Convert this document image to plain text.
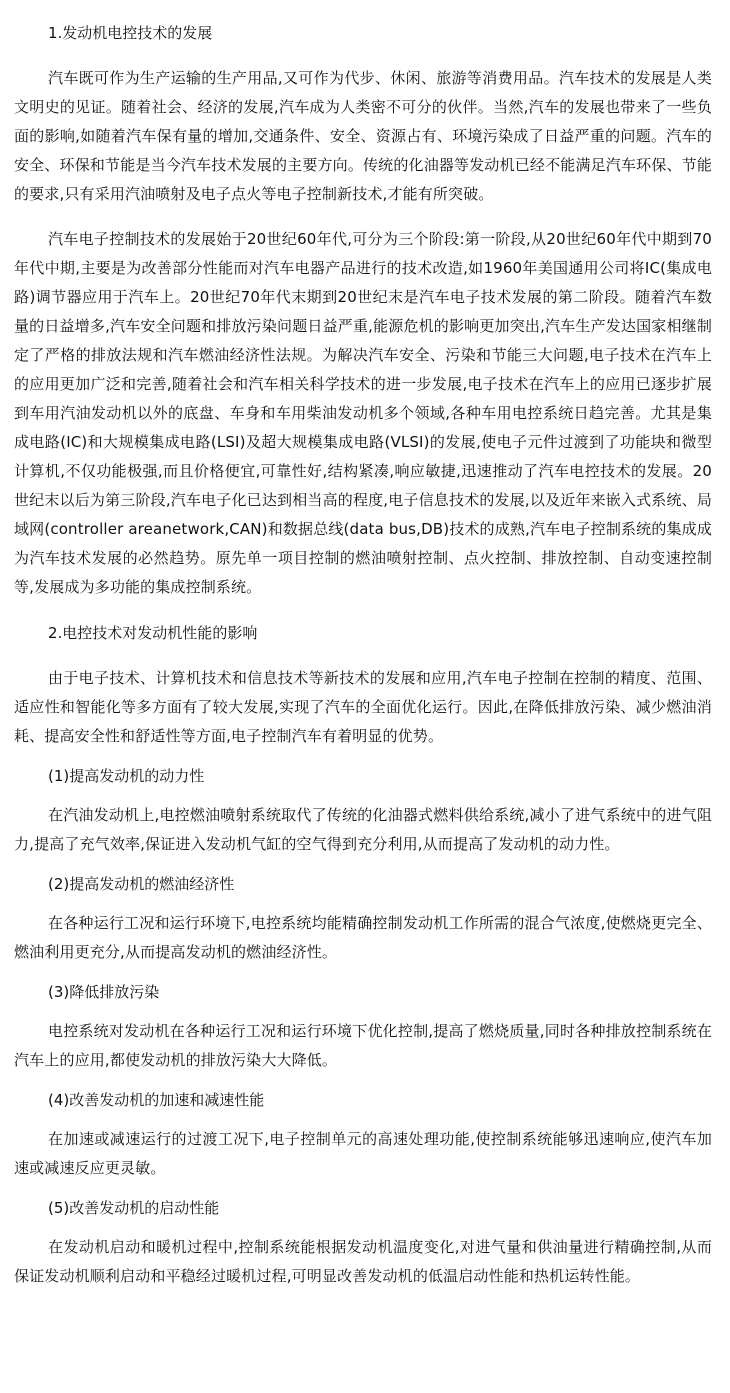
1.发动机电控技术的发展

汽车既可作为生产运输的生产用品,又可作为代步、休闲、旅游等消费用品。汽车技术的发展是人类文明史的见证。随着社会、经济的发展,汽车成为人类密不可分的伙伴。当然,汽车的发展也带来了一些负面的影响,如随着汽车保有量的增加,交通条件、安全、资源占有、环境污染成了日益严重的问题。汽车的安全、环保和节能是当今汽车技术发展的主要方向。传统的化油器等发动机已经不能满足汽车环保、节能的要求,只有采用汽油喷射及电子点火等电子控制新技术,才能有所突破。

汽车电子控制技术的发展始于20世纪60年代,可分为三个阶段:第一阶段,从20世纪60年代中期到70年代中期,主要是为改善部分性能而对汽车电器产品进行的技术改造,如1960年美国通用公司将IC(集成电路)调节器应用于汽车上。20世纪70年代末期到20世纪末是汽车电子技术发展的第二阶段。随着汽车数量的日益增多,汽车安全问题和排放污染问题日益严重,能源危机的影响更加突出,汽车生产发达国家相继制定了严格的排放法规和汽车燃油经济性法规。为解决汽车安全、污染和节能三大问题,电子技术在汽车上的应用更加广泛和完善,随着社会和汽车相关科学技术的进一步发展,电子技术在汽车上的应用已逐步扩展到车用汽油发动机以外的底盘、车身和车用柴油发动机多个领域,各种车用电控系统日趋完善。尤其是集成电路(IC)和大规模集成电路(LSI)及超大规模集成电路(VLSI)的发展,使电子元件过渡到了功能块和微型计算机,不仅功能极强,而且价格便宜,可靠性好,结构紧凑,响应敏捷,迅速推动了汽车电控技术的发展。20世纪末以后为第三阶段,汽车电子化已达到相当高的程度,电子信息技术的发展,以及近年来嵌入式系统、局域网(controller areanetwork,CAN)和数据总线(data bus,DB)技术的成熟,汽车电子控制系统的集成成为汽车技术发展的必然趋势。原先单一项目控制的燃油喷射控制、点火控制、排放控制、自动变速控制等,发展成为多功能的集成控制系统。

2.电控技术对发动机性能的影响

由于电子技术、计算机技术和信息技术等新技术的发展和应用,汽车电子控制在控制的精度、范围、适应性和智能化等多方面有了较大发展,实现了汽车的全面优化运行。因此,在降低排放污染、减少燃油消耗、提高安全性和舒适性等方面,电子控制汽车有着明显的优势。

(1)提高发动机的动力性

在汽油发动机上,电控燃油喷射系统取代了传统的化油器式燃料供给系统,减小了进气系统中的进气阻力,提高了充气效率,保证进入发动机气缸的空气得到充分利用,从而提高了发动机的动力性。

(2)提高发动机的燃油经济性

在各种运行工况和运行环境下,电控系统均能精确控制发动机工作所需的混合气浓度,使燃烧更完全、燃油利用更充分,从而提高发动机的燃油经济性。

(3)降低排放污染

电控系统对发动机在各种运行工况和运行环境下优化控制,提高了燃烧质量,同时各种排放控制系统在汽车上的应用,都使发动机的排放污染大大降低。

(4)改善发动机的加速和减速性能

在加速或减速运行的过渡工况下,电子控制单元的高速处理功能,使控制系统能够迅速响应,使汽车加速或减速反应更灵敏。

(5)改善发动机的启动性能

在发动机启动和暖机过程中,控制系统能根据发动机温度变化,对进气量和供油量进行精确控制,从而保证发动机顺利启动和平稳经过暖机过程,可明显改善发动机的低温启动性能和热机运转性能。
